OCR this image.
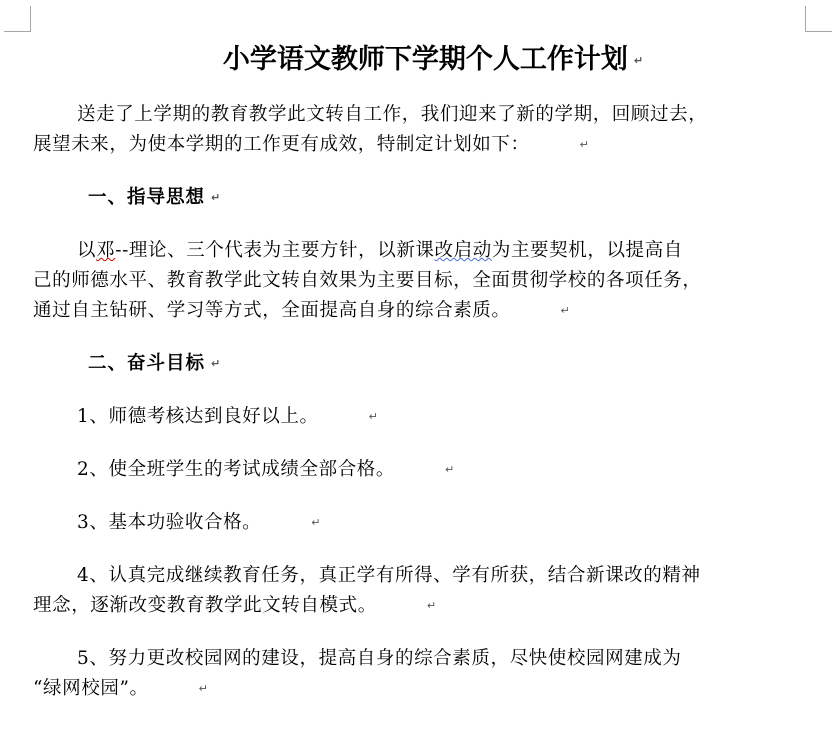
小学语文教师下学期个人工作计划 ↵

送走了上学期的教育教学此文转自工作，我们迎来了新的学期，回顾过去，
展望未来，为使本学期的工作更有成效，特制定计划如下：	↵

一、指导思想 ↵

以邓--理论、三个代表为主要方针，以新课改启动为主要契机，以提高自
己的师德水平、教育教学此文转自效果为主要目标，全面贯彻学校的各项任务，
通过自主钻研、学习等方式，全面提高自身的综合素质。	↵

二、奋斗目标 ↵

1、师德考核达到良好以上。	↵

2、使全班学生的考试成绩全部合格。	↵

3、基本功验收合格。	↵

4、认真完成继续教育任务，真正学有所得、学有所获，结合新课改的精神
理念，逐渐改变教育教学此文转自模式。	↵

5、努力更改校园网的建设，提高自身的综合素质，尽快使校园网建成为
“绿网校园”。	↵
